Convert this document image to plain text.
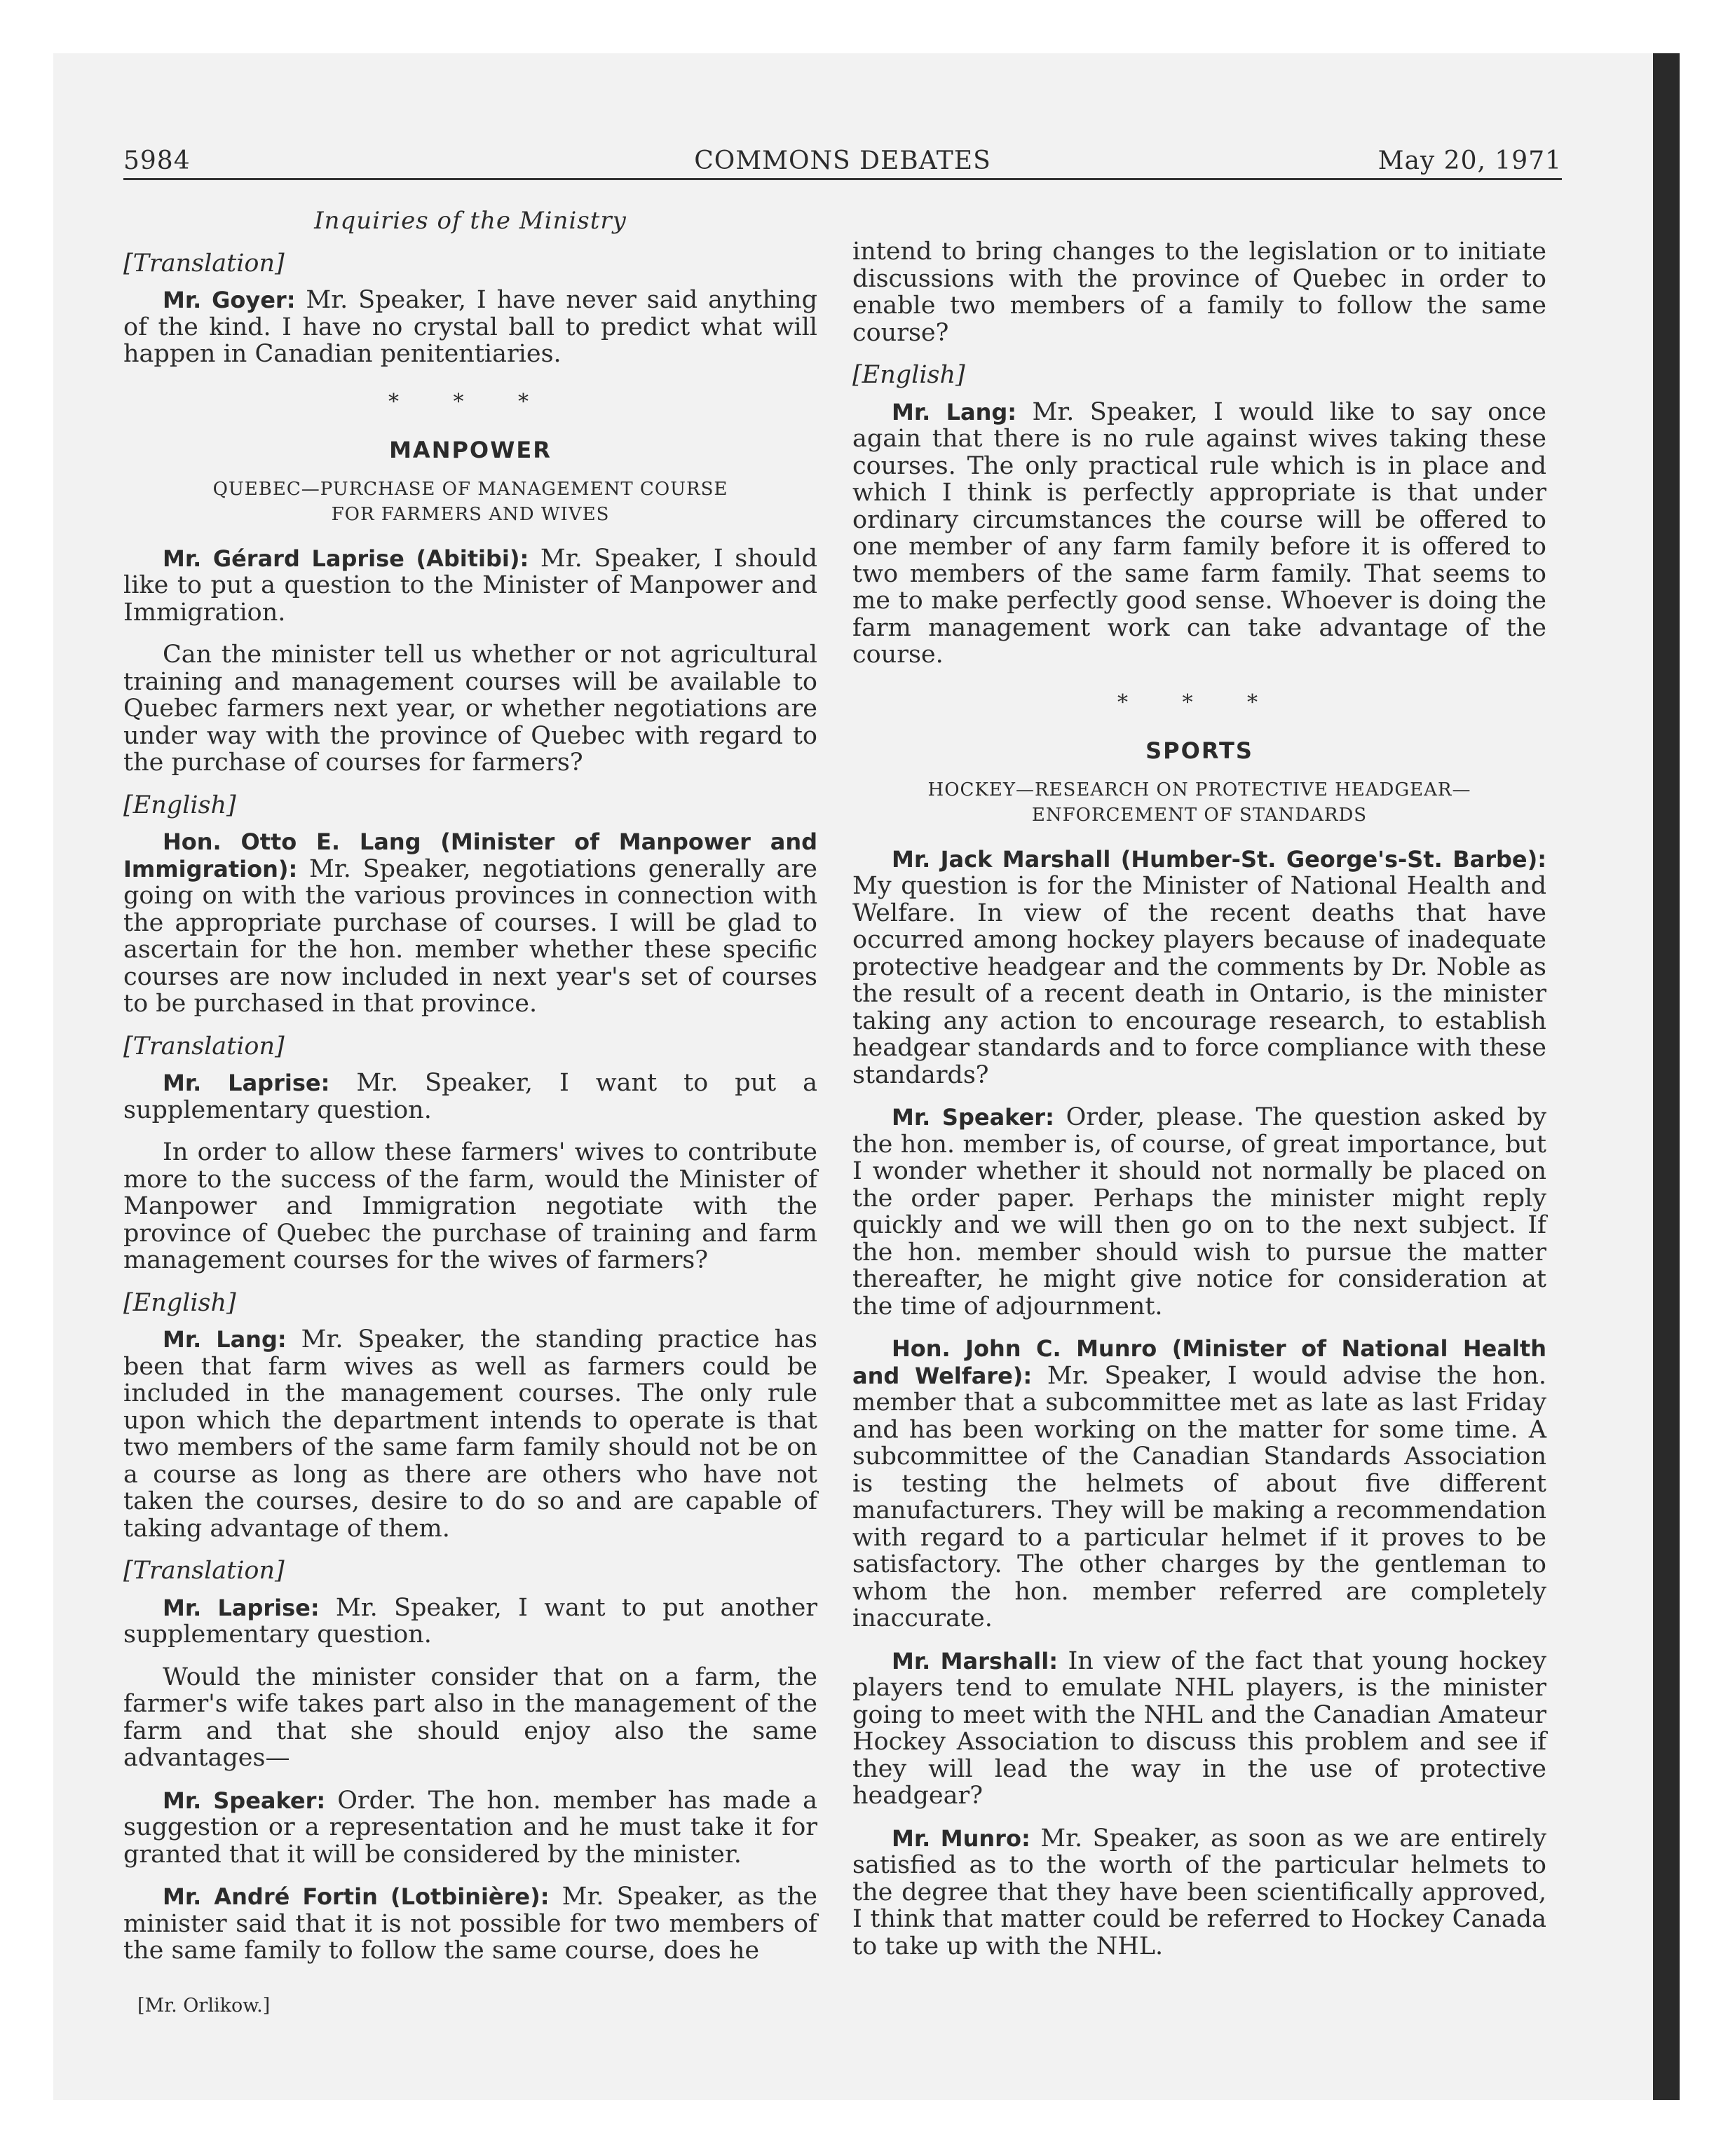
5984	COMMONS DEBATES	May 20, 1971
Inquiries of the Ministry
[Translation]

Mr. Goyer: Mr. Speaker, I have never said anything of the kind. I have no crystal ball to predict what will happen in Canadian penitentiaries.

* * *
MANPOWER
QUEBEC—PURCHASE OF MANAGEMENT COURSE
FOR FARMERS AND WIVES

Mr. Gérard Laprise (Abitibi): Mr. Speaker, I should like to put a question to the Minister of Manpower and Immigration.

Can the minister tell us whether or not agricultural training and management courses will be available to Quebec farmers next year, or whether negotiations are under way with the province of Quebec with regard to the purchase of courses for farmers?

[English]

Hon. Otto E. Lang (Minister of Manpower and Immigration): Mr. Speaker, negotiations generally are going on with the various provinces in connection with the appropriate purchase of courses. I will be glad to ascertain for the hon. member whether these specific courses are now included in next year's set of courses to be purchased in that province.

[Translation]

Mr. Laprise: Mr. Speaker, I want to put a supplementary question.

In order to allow these farmers' wives to contribute more to the success of the farm, would the Minister of Manpower and Immigration negotiate with the province of Quebec the purchase of training and farm management courses for the wives of farmers?

[English]

Mr. Lang: Mr. Speaker, the standing practice has been that farm wives as well as farmers could be included in the management courses. The only rule upon which the department intends to operate is that two members of the same farm family should not be on a course as long as there are others who have not taken the courses, desire to do so and are capable of taking advantage of them.

[Translation]

Mr. Laprise: Mr. Speaker, I want to put another supplementary question.

Would the minister consider that on a farm, the farmer's wife takes part also in the management of the farm and that she should enjoy also the same advantages—

Mr. Speaker: Order. The hon. member has made a suggestion or a representation and he must take it for granted that it will be considered by the minister.

Mr. André Fortin (Lotbinière): Mr. Speaker, as the minister said that it is not possible for two members of the same family to follow the same course, does he

[Mr. Orlikow.]

intend to bring changes to the legislation or to initiate discussions with the province of Quebec in order to enable two members of a family to follow the same course?

[English]

Mr. Lang: Mr. Speaker, I would like to say once again that there is no rule against wives taking these courses. The only practical rule which is in place and which I think is perfectly appropriate is that under ordinary circumstances the course will be offered to one member of any farm family before it is offered to two members of the same farm family. That seems to me to make perfectly good sense. Whoever is doing the farm management work can take advantage of the course.

* * *
SPORTS
HOCKEY—RESEARCH ON PROTECTIVE HEADGEAR—
ENFORCEMENT OF STANDARDS

Mr. Jack Marshall (Humber-St. George's-St. Barbe): My question is for the Minister of National Health and Welfare. In view of the recent deaths that have occurred among hockey players because of inadequate protective headgear and the comments by Dr. Noble as the result of a recent death in Ontario, is the minister taking any action to encourage research, to establish headgear standards and to force compliance with these standards?

Mr. Speaker: Order, please. The question asked by the hon. member is, of course, of great importance, but I wonder whether it should not normally be placed on the order paper. Perhaps the minister might reply quickly and we will then go on to the next subject. If the hon. member should wish to pursue the matter thereafter, he might give notice for consideration at the time of adjournment.

Hon. John C. Munro (Minister of National Health and Welfare): Mr. Speaker, I would advise the hon. member that a subcommittee met as late as last Friday and has been working on the matter for some time. A subcommittee of the Canadian Standards Association is testing the helmets of about five different manufacturers. They will be making a recommendation with regard to a particular helmet if it proves to be satisfactory. The other charges by the gentleman to whom the hon. member referred are completely inaccurate.

Mr. Marshall: In view of the fact that young hockey players tend to emulate NHL players, is the minister going to meet with the NHL and the Canadian Amateur Hockey Association to discuss this problem and see if they will lead the way in the use of protective headgear?

Mr. Munro: Mr. Speaker, as soon as we are entirely satisfied as to the worth of the particular helmets to the degree that they have been scientifically approved, I think that matter could be referred to Hockey Canada to take up with the NHL.
